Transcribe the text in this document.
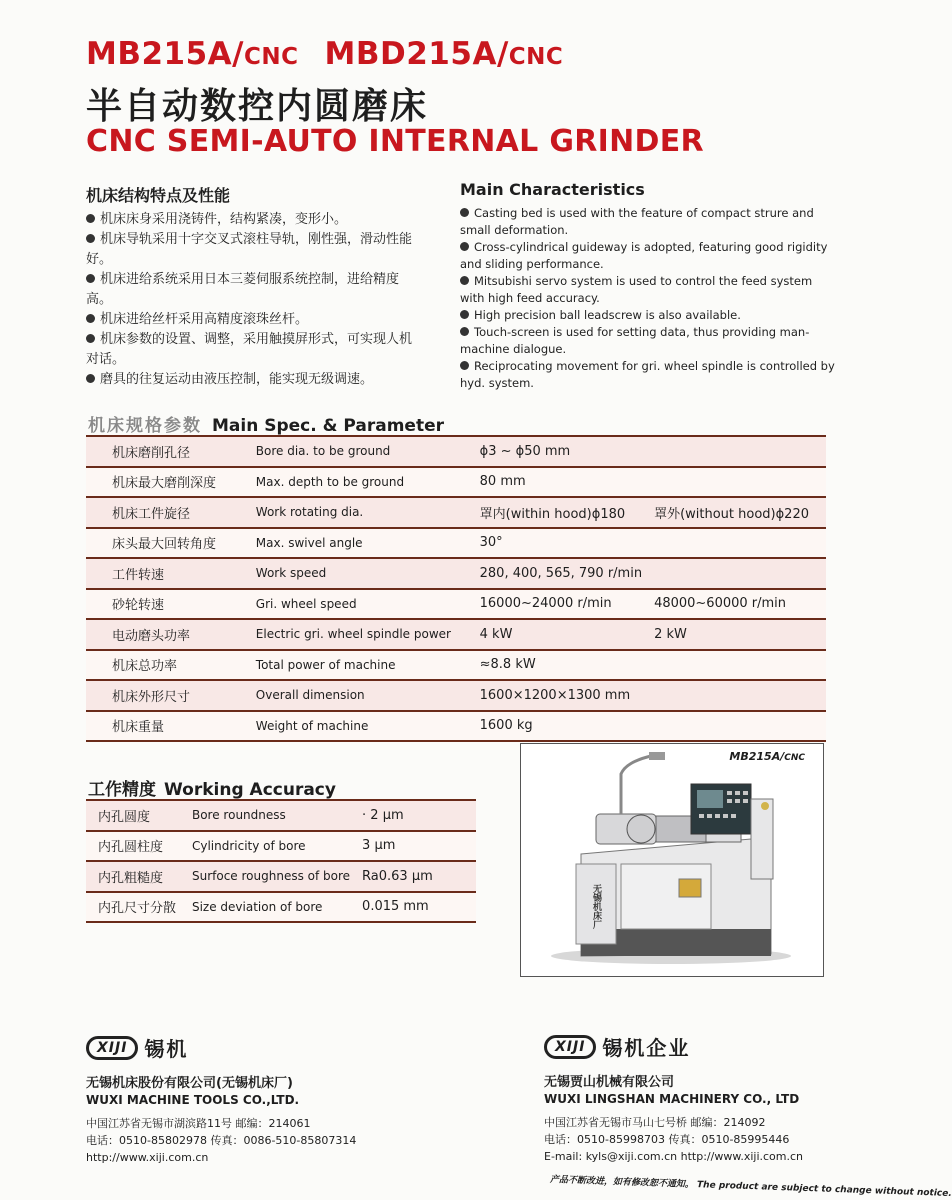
MB215A/CNC MBD215A/CNC
半自动数控内圆磨床
CNC SEMI-AUTO INTERNAL GRINDER
机床结构特点及性能

机床床身采用浇铸件，结构紧凑，变形小。

机床导轨采用十字交叉式滚柱导轨，刚性强，滑动性能好。

机床进给系统采用日本三菱伺服系统控制，进给精度高。

机床进给丝杆采用高精度滚珠丝杆。

机床参数的设置、调整，采用触摸屏形式，可实现人机对话。

磨具的往复运动由液压控制，能实现无级调速。

Main Characteristics

Casting bed is used with the feature of compact strure and small deformation.

Cross-cylindrical guideway is adopted, featuring good rigidity and sliding performance.

Mitsubishi servo system is used to control the feed system with high feed accuracy.

High precision ball leadscrew is also available.

Touch-screen is used for setting data, thus providing man-machine dialogue.

Reciprocating movement for gri. wheel spindle is controlled by hyd. system.

机床规格参数 Main Spec. & Parameter
机床磨削孔径	Bore dia. to be ground	ϕ3 ~ ϕ50 mm	
机床最大磨削深度	Max. depth to be ground	80 mm	
机床工件旋径	Work rotating dia.	罩内(within hood)ϕ180	罩外(without hood)ϕ220
床头最大回转角度	Max. swivel angle	30°	
工件转速	Work speed	280, 400, 565, 790 r/min	
砂轮转速	Gri. wheel speed	16000~24000 r/min	48000~60000 r/min
电动磨头功率	Electric gri. wheel spindle power	4 kW	2 kW
机床总功率	Total power of machine	≈8.8 kW	
机床外形尺寸	Overall dimension	1600×1200×1300 mm	
机床重量	Weight of machine	1600 kg	
工作精度 Working Accuracy
内孔圆度	Bore roundness	· 2 μm
内孔圆柱度	Cylindricity of bore	3 μm
内孔粗糙度	Surfoce roughness of bore	Ra0.63 μm
内孔尺寸分散	Size deviation of bore	0.015 mm
MB215A/CNC
无锡机床厂
XIJI 锡机
无锡机床股份有限公司(无锡机床厂)
WUXI MACHINE TOOLS CO.,LTD.
中国江苏省无锡市湖滨路11号 邮编：214061
电话：0510-85802978 传真：0086-510-85807314
http://www.xiji.com.cn
XIJI 锡机企业
无锡贾山机械有限公司
WUXI LINGSHAN MACHINERY CO., LTD
中国江苏省无锡市马山七号桥 邮编：214092
电话：0510-85998703 传真：0510-85995446
E-mail: kyls@xiji.com.cn http://www.xiji.com.cn
产品不断改进，如有修改恕不通知。 The product are subject to change without notice.
